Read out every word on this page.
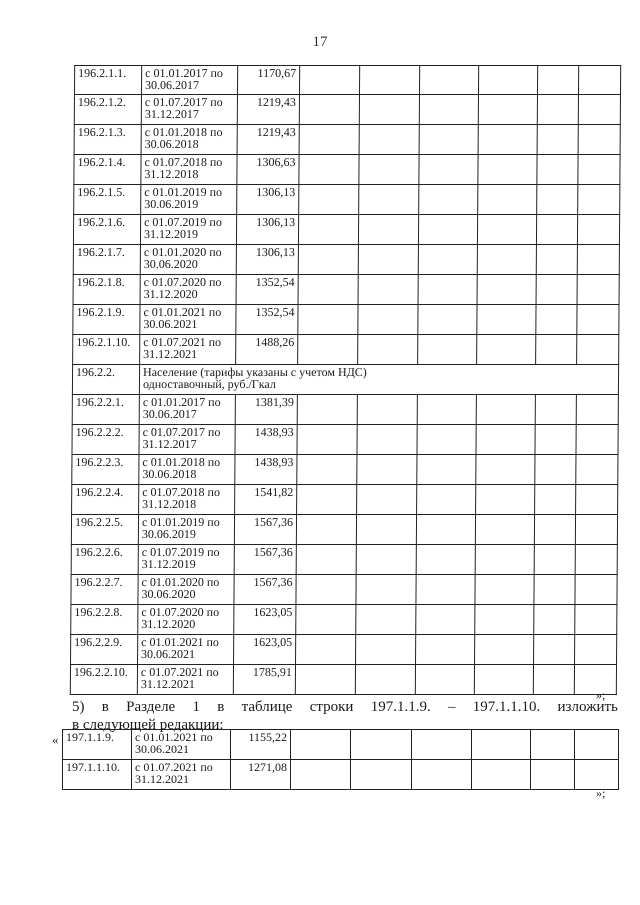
17
196.2.1.1.	с 01.01.2017 по
30.06.2017	1170,67						
196.2.1.2.	с 01.07.2017 по
31.12.2017	1219,43						
196.2.1.3.	с 01.01.2018 по
30.06.2018	1219,43						
196.2.1.4.	с 01.07.2018 по
31.12.2018	1306,63						
196.2.1.5.	с 01.01.2019 по
30.06.2019	1306,13						
196.2.1.6.	с 01.07.2019 по
31.12.2019	1306,13						
196.2.1.7.	с 01.01.2020 по
30.06.2020	1306,13						
196.2.1.8.	с 01.07.2020 по
31.12.2020	1352,54						
196.2.1.9.	с 01.01.2021 по
30.06.2021	1352,54						
196.2.1.10.	с 01.07.2021 по
31.12.2021	1488,26						
196.2.2.	Население (тарифы указаны с учетом НДС)
одноставочный, руб./Гкал							

196.2.2.1.	с 01.01.2017 по
30.06.2017	1381,39						
196.2.2.2.	с 01.07.2017 по
31.12.2017	1438,93						
196.2.2.3.	с 01.01.2018 по
30.06.2018	1438,93						
196.2.2.4.	с 01.07.2018 по
31.12.2018	1541,82						
196.2.2.5.	с 01.01.2019 по
30.06.2019	1567,36						
196.2.2.6.	с 01.07.2019 по
31.12.2019	1567,36						
196.2.2.7.	с 01.01.2020 по
30.06.2020	1567,36						
196.2.2.8.	с 01.07.2020 по
31.12.2020	1623,05						
196.2.2.9.	с 01.01.2021 по
30.06.2021	1623,05						
196.2.2.10.	с 01.07.2021 по
31.12.2021	1785,91						
»;
5) в Разделе 1 в таблице строки 197.1.1.9. – 197.1.1.10. изложить
в следующей редакции:
« 197.1.1.9.	с 01.01.2021 по
30.06.2021	1155,22						
197.1.1.10.	с 01.07.2021 по
31.12.2021	1271,08						
»;
